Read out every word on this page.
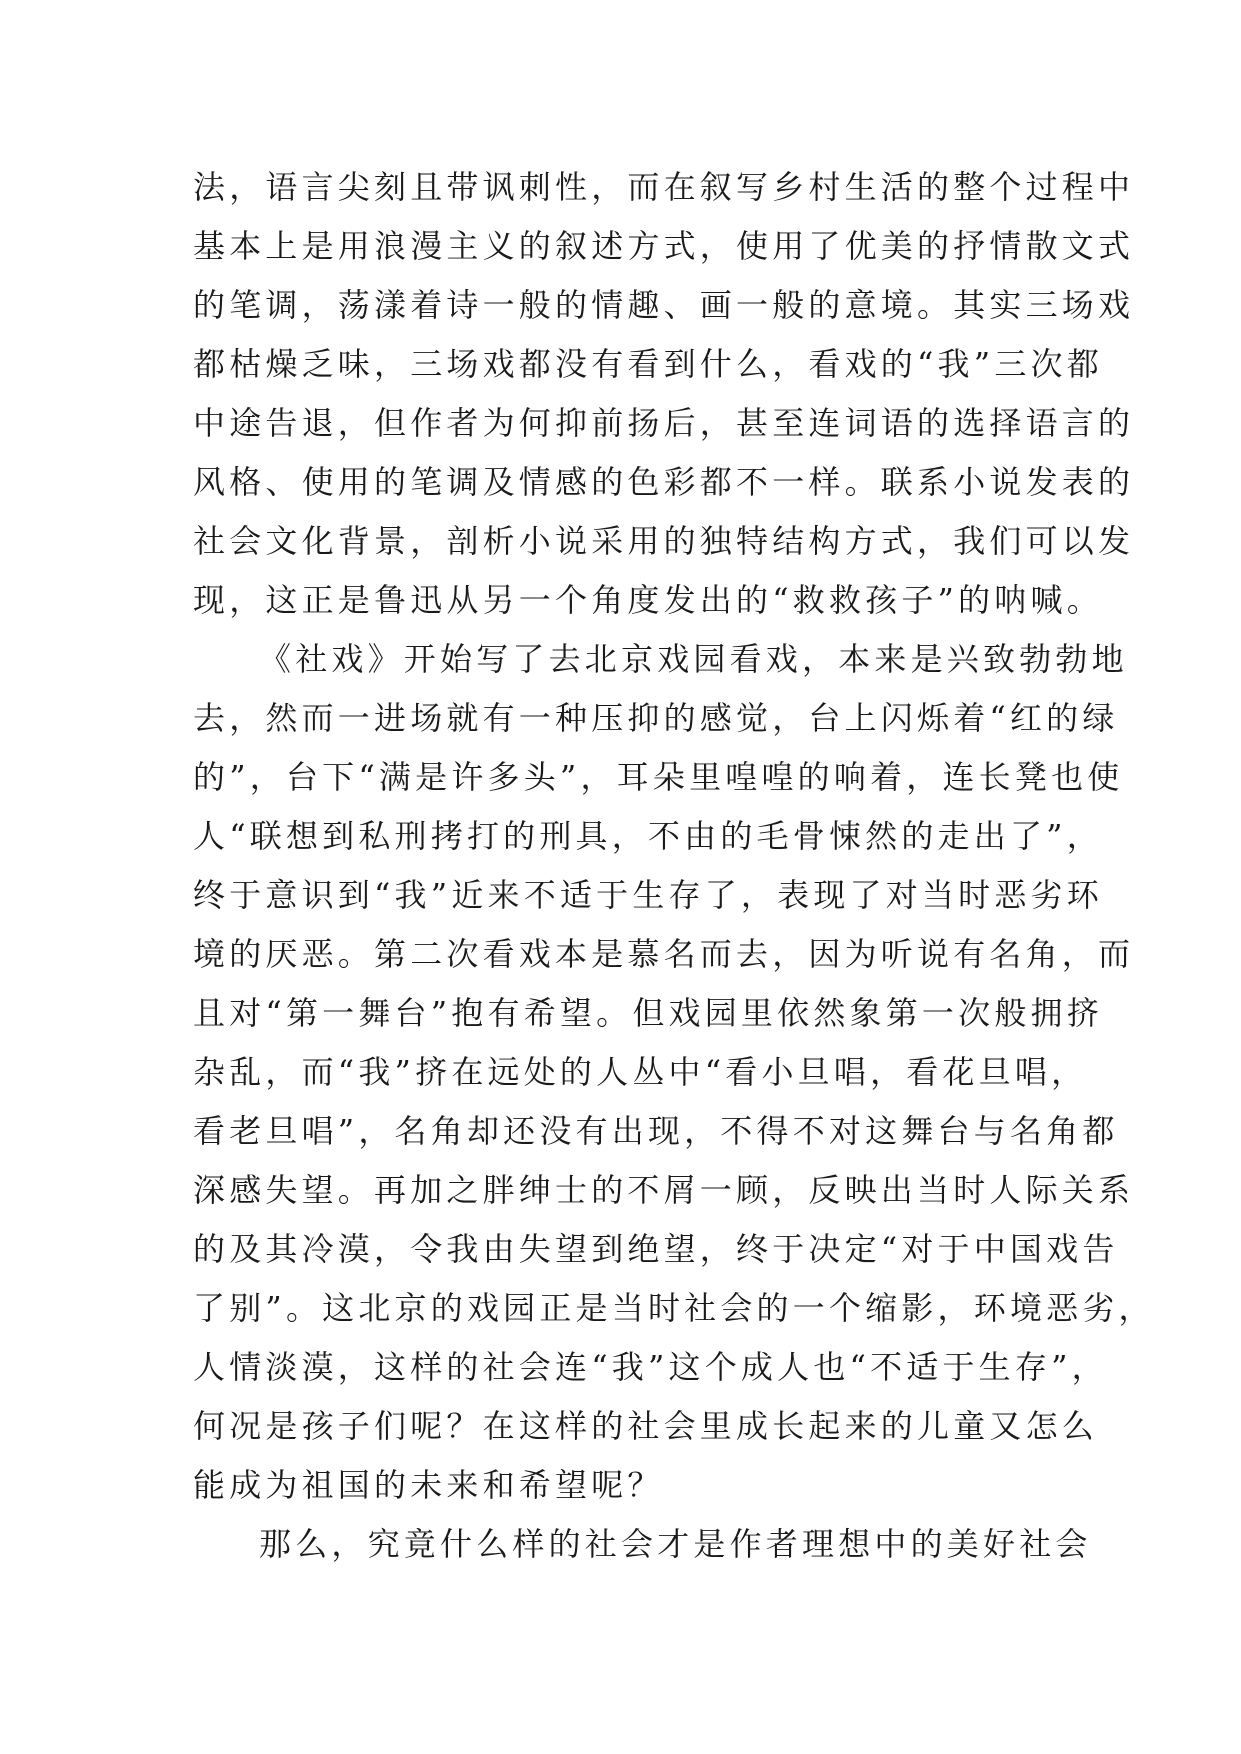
法，语言尖刻且带讽刺性，而在叙写乡村生活的整个过程中
基本上是用浪漫主义的叙述方式，使用了优美的抒情散文式
的笔调，荡漾着诗一般的情趣、画一般的意境。其实三场戏
都枯燥乏味，三场戏都没有看到什么，看戏的“我”三次都
中途告退，但作者为何抑前扬后，甚至连词语的选择语言的
风格、使用的笔调及情感的色彩都不一样。联系小说发表的
社会文化背景，剖析小说采用的独特结构方式，我们可以发
现，这正是鲁迅从另一个角度发出的“救救孩子”的呐喊。
《社戏》开始写了去北京戏园看戏，本来是兴致勃勃地
去，然而一进场就有一种压抑的感觉，台上闪烁着“红的绿
的”，台下“满是许多头”，耳朵里喤喤的响着，连长凳也使
人“联想到私刑拷打的刑具，不由的毛骨悚然的走出了”，
终于意识到“我”近来不适于生存了，表现了对当时恶劣环
境的厌恶。第二次看戏本是慕名而去，因为听说有名角，而
且对“第一舞台”抱有希望。但戏园里依然象第一次般拥挤
杂乱，而“我”挤在远处的人丛中“看小旦唱，看花旦唱，
看老旦唱”，名角却还没有出现，不得不对这舞台与名角都
深感失望。再加之胖绅士的不屑一顾，反映出当时人际关系
的及其冷漠，令我由失望到绝望，终于决定“对于中国戏告
了别”。这北京的戏园正是当时社会的一个缩影，环境恶劣，
人情淡漠，这样的社会连“我”这个成人也“不适于生存”，
何况是孩子们呢？在这样的社会里成长起来的儿童又怎么
能成为祖国的未来和希望呢？
那么，究竟什么样的社会才是作者理想中的美好社会
